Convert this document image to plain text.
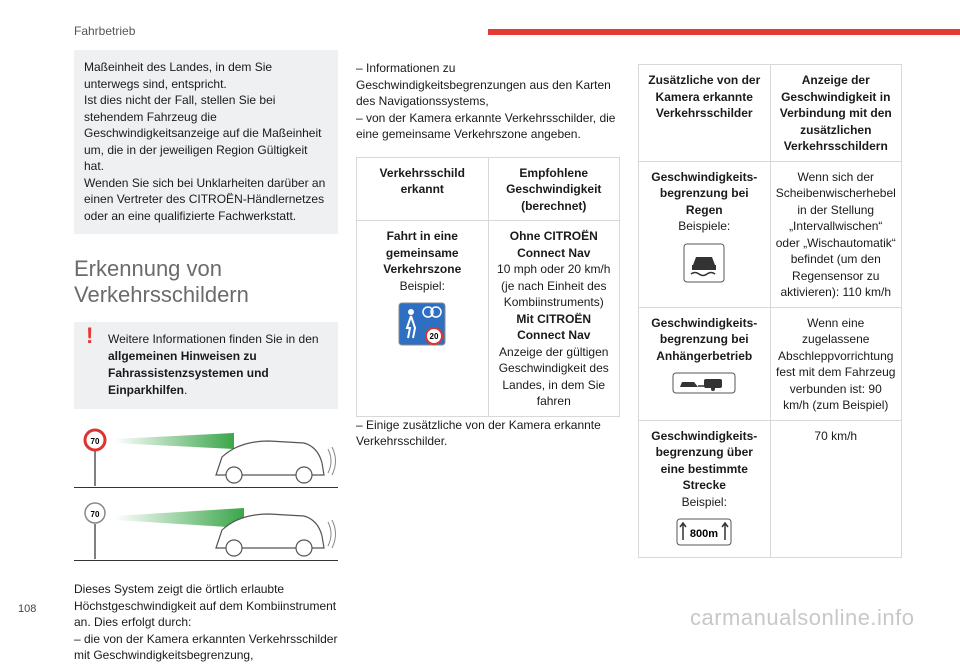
Fahrbetrieb

Maßeinheit des Landes, in dem Sie unterwegs sind, entspricht.

Ist dies nicht der Fall, stellen Sie bei stehendem Fahrzeug die Geschwindigkeitsanzeige auf die Maßeinheit um, die in der jeweiligen Region Gültigkeit hat.

Wenden Sie sich bei Unklarheiten darüber an einen Vertreter des CITROËN-Händlernetzes oder an eine qualifizierte Fachwerkstatt.

Erkennung von
Verkehrsschildern
! Weitere Informationen finden Sie in den allgemeinen Hinweisen zu Fahrassistenzsystemen und Einparkhilfen.
70
70

Dieses System zeigt die örtlich erlaubte Höchstgeschwindigkeit auf dem Kombiinstrument an. Dies erfolgt durch:

– die von der Kamera erkannten Verkehrsschilder mit Geschwindigkeitsbegrenzung,

– Informationen zu Geschwindigkeitsbegrenzungen aus den Karten des Navigationssystems,

– von der Kamera erkannte Verkehrsschilder, die eine gemeinsame Verkehrszone angeben.

Verkehrsschild erkannt	Empfohlene Geschwindigkeit (berechnet)
Fahrt in eine gemeinsame Verkehrszone
Beispiel:

20	Ohne CITROËN Connect Nav
10 mph oder 20 km/h (je nach Einheit des Kombiinstruments)
Mit CITROËN Connect Nav
Anzeige der gültigen Geschwindigkeit des Landes, in dem Sie fahren

– Einige zusätzliche von der Kamera erkannte Verkehrsschilder.

Zusätzliche von der Kamera erkannte Verkehrsschilder	Anzeige der Geschwindigkeit in Verbindung mit den zusätzlichen Verkehrsschildern
Geschwindigkeits-begrenzung bei Regen
Beispiele:	Wenn sich der Scheibenwischerhebel in der Stellung „Intervallwischen“ oder „Wischautomatik“ befindet (um den Regensensor zu aktivieren): 110 km/h
Geschwindigkeits-begrenzung bei Anhängerbetrieb	Wenn eine zugelassene Abschleppvorrichtung fest mit dem Fahrzeug verbunden ist: 90 km/h (zum Beispiel)
Geschwindigkeits-begrenzung über eine bestimmte Strecke
Beispiel:

800m	70 km/h
108	carmanualsonline.info
